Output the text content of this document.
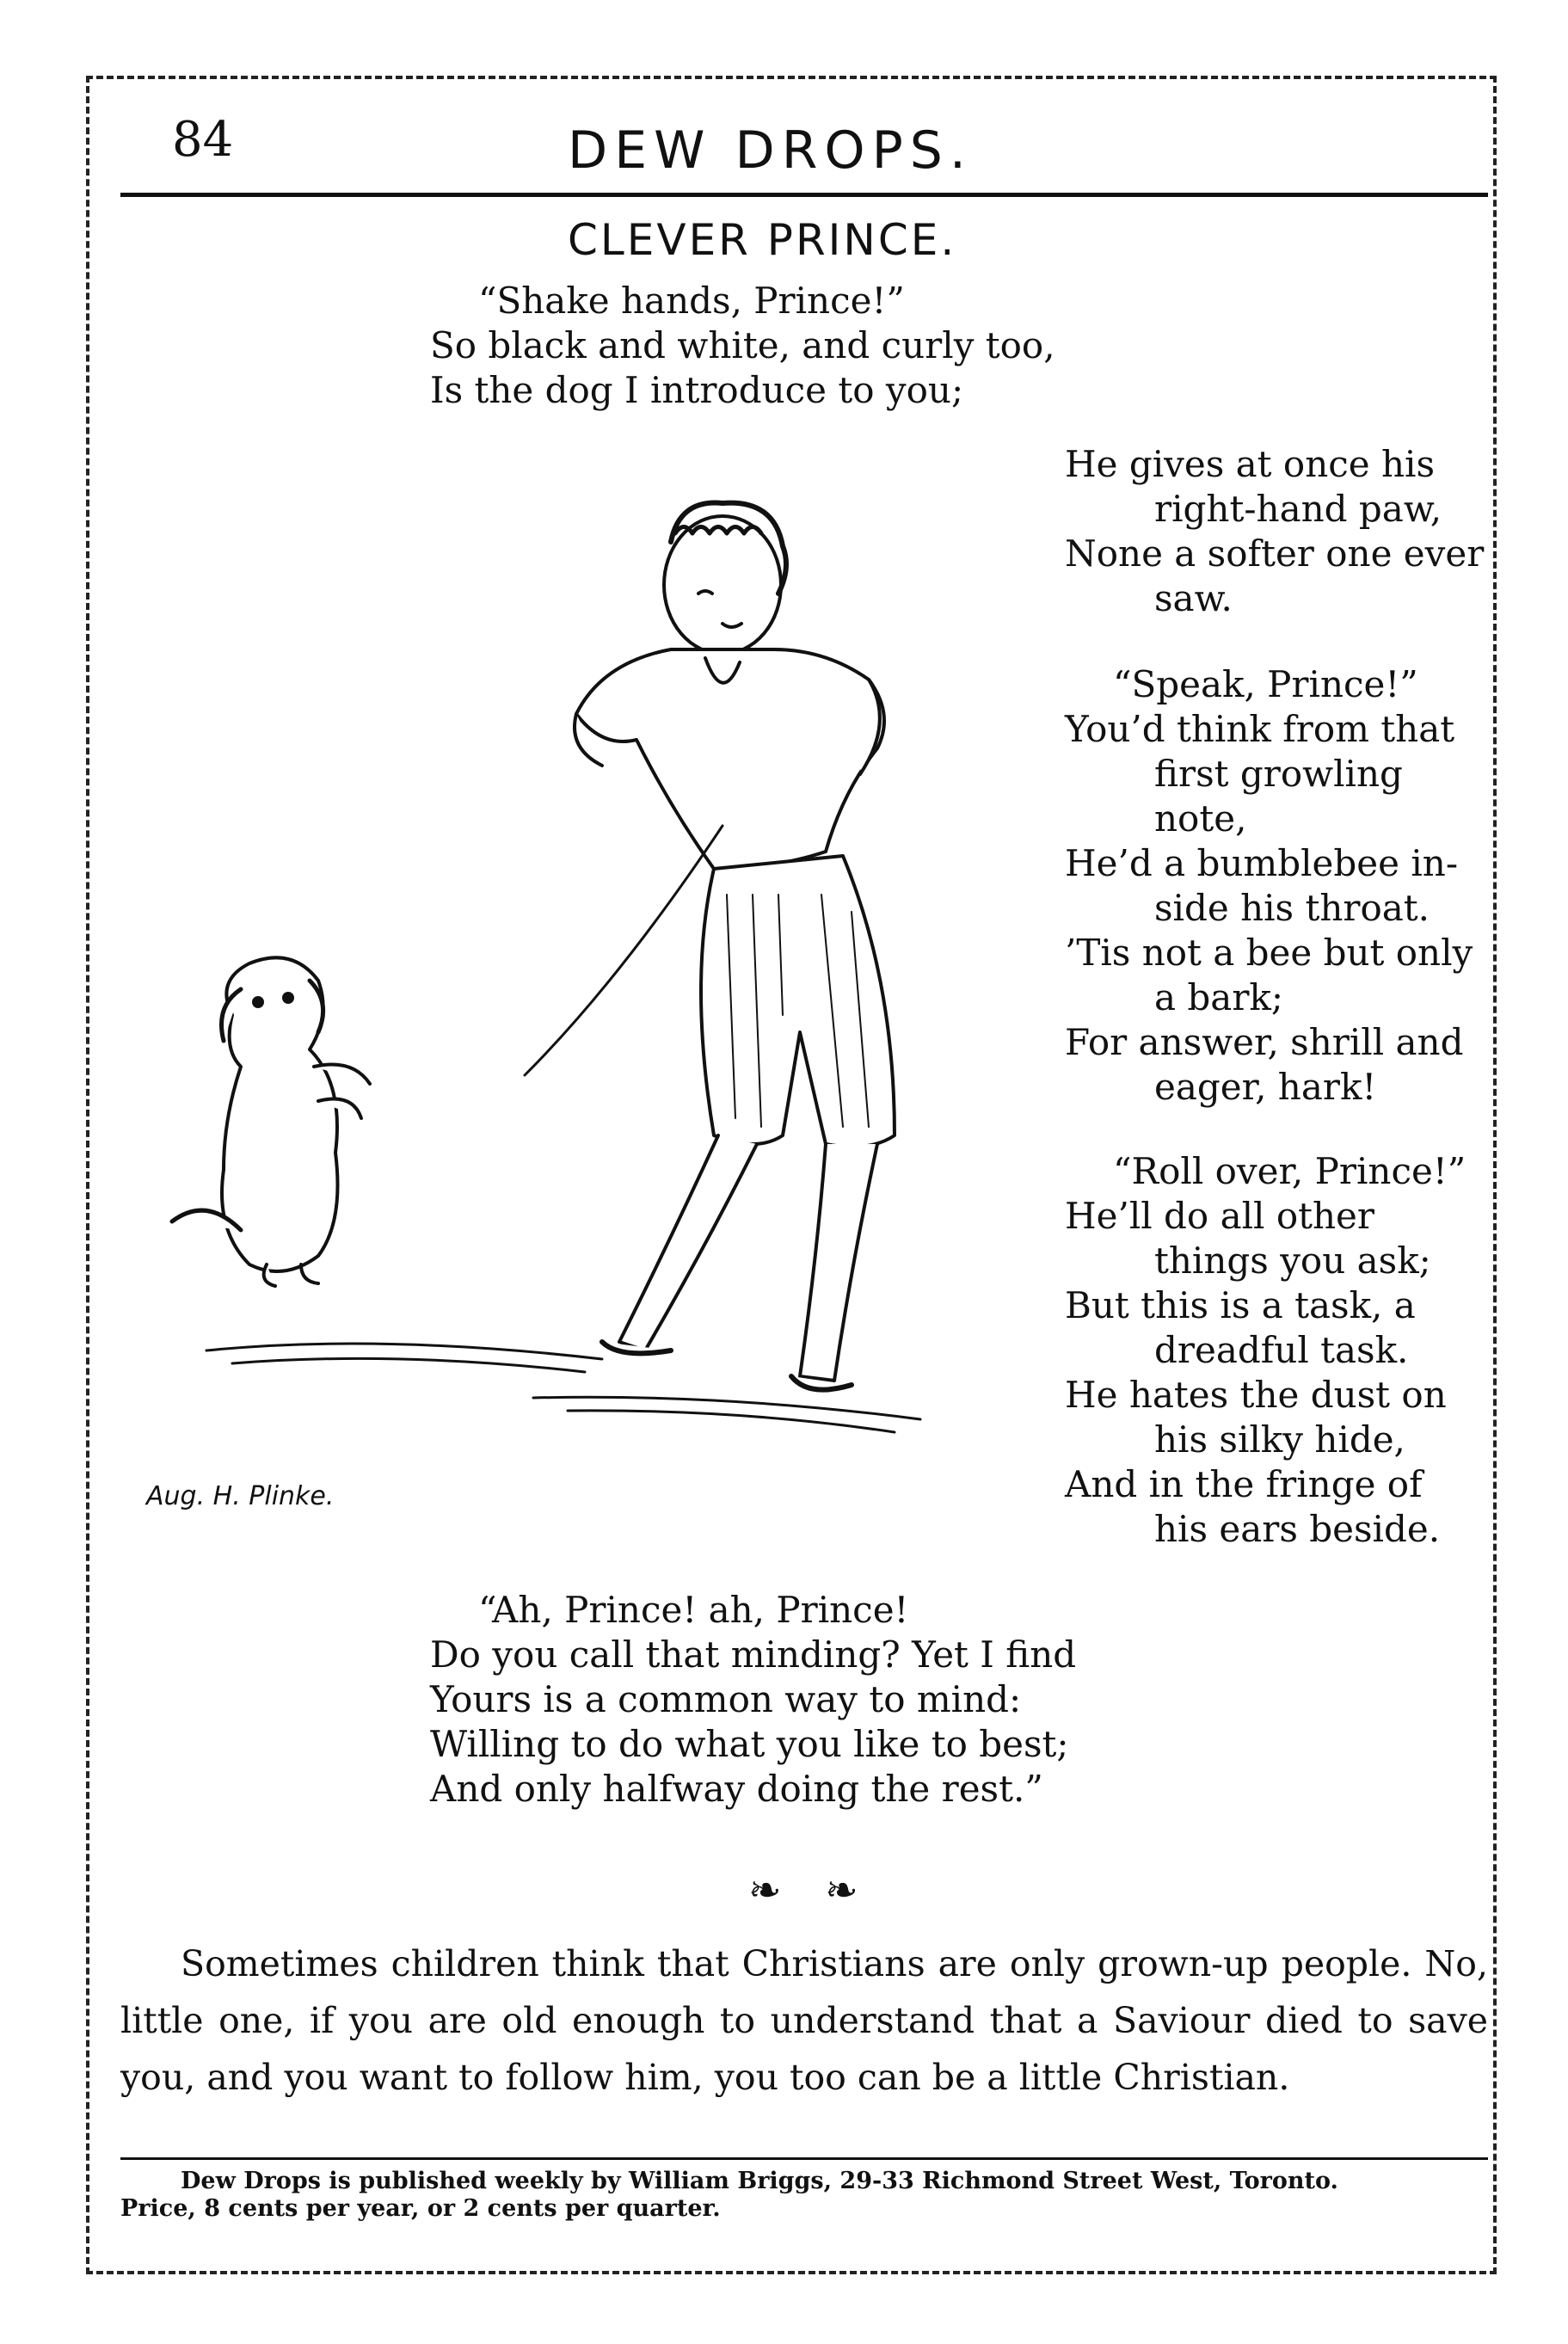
84	DEW DROPS.
CLEVER PRINCE.
“Shake hands, Prince!”
So black and white, and curly too,
Is the dog I introduce to you;
He gives at once his
right-hand paw,
None a softer one ever
saw.
“Speak, Prince!”
You’d think from that
first growling
note,
He’d a bumblebee in-
side his throat.
’Tis not a bee but only
a bark;
For answer, shrill and
eager, hark!
“Roll over, Prince!”
He’ll do all other
things you ask;
But this is a task, a
dreadful task.
He hates the dust on
his silky hide,
And in the fringe of
his ears beside.
Aug. H. Plinke.
“Ah, Prince! ah, Prince!
Do you call that minding? Yet I find
Yours is a common way to mind:
Willing to do what you like to best;
And only halfway doing the rest.”
❧ ❧
Sometimes children think that Christians are only grown-up people. No, little one, if you are old enough to understand that a Saviour died to save you, and you want to follow him, you too can be a little Christian.
Dew Drops is published weekly by William Briggs, 29-33 Richmond Street West, Toronto.
Price, 8 cents per year, or 2 cents per quarter.
